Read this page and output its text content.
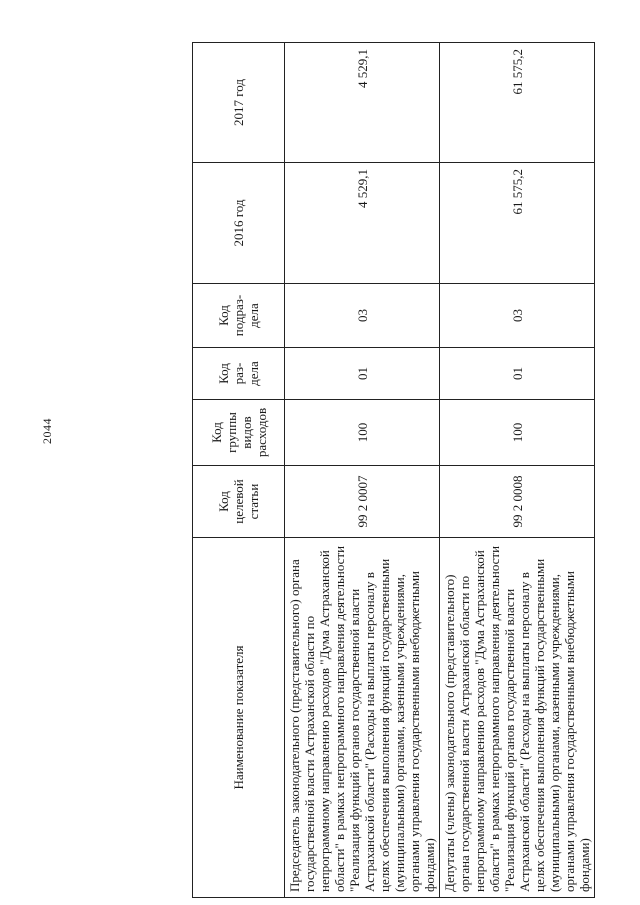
2044
Наименование показателя	Код целевой статьи	Код группы видов расходов	Код раз- дела	Код подраз- дела	2016 год	2017 год
Председатель законодательного (представительного) органа государственной власти Астраханской области по непрограммному направлению расходов "Дума Астраханской области" в рамках непрограммного направления деятельности "Реализация функций органов государственной власти Астраханской области" (Расходы на выплаты персоналу в целях обеспечения выполнения функций государственными (муниципальными) органами, казенными учреждениями, органами управления государственными внебюджетными фондами)	99 2 0007	100	01	03	4 529,1	4 529,1
Депутаты (члены) законодательного (представительного) органа государственной власти Астраханской области по непрограммному направлению расходов "Дума Астраханской области" в рамках непрограммного направления деятельности "Реализация функций органов государственной власти Астраханской области" (Расходы на выплаты персоналу в целях обеспечения выполнения функций государственными (муниципальными) органами, казенными учреждениями, органами управления государственными внебюджетными фондами)	99 2 0008	100	01	03	61 575,2	61 575,2
